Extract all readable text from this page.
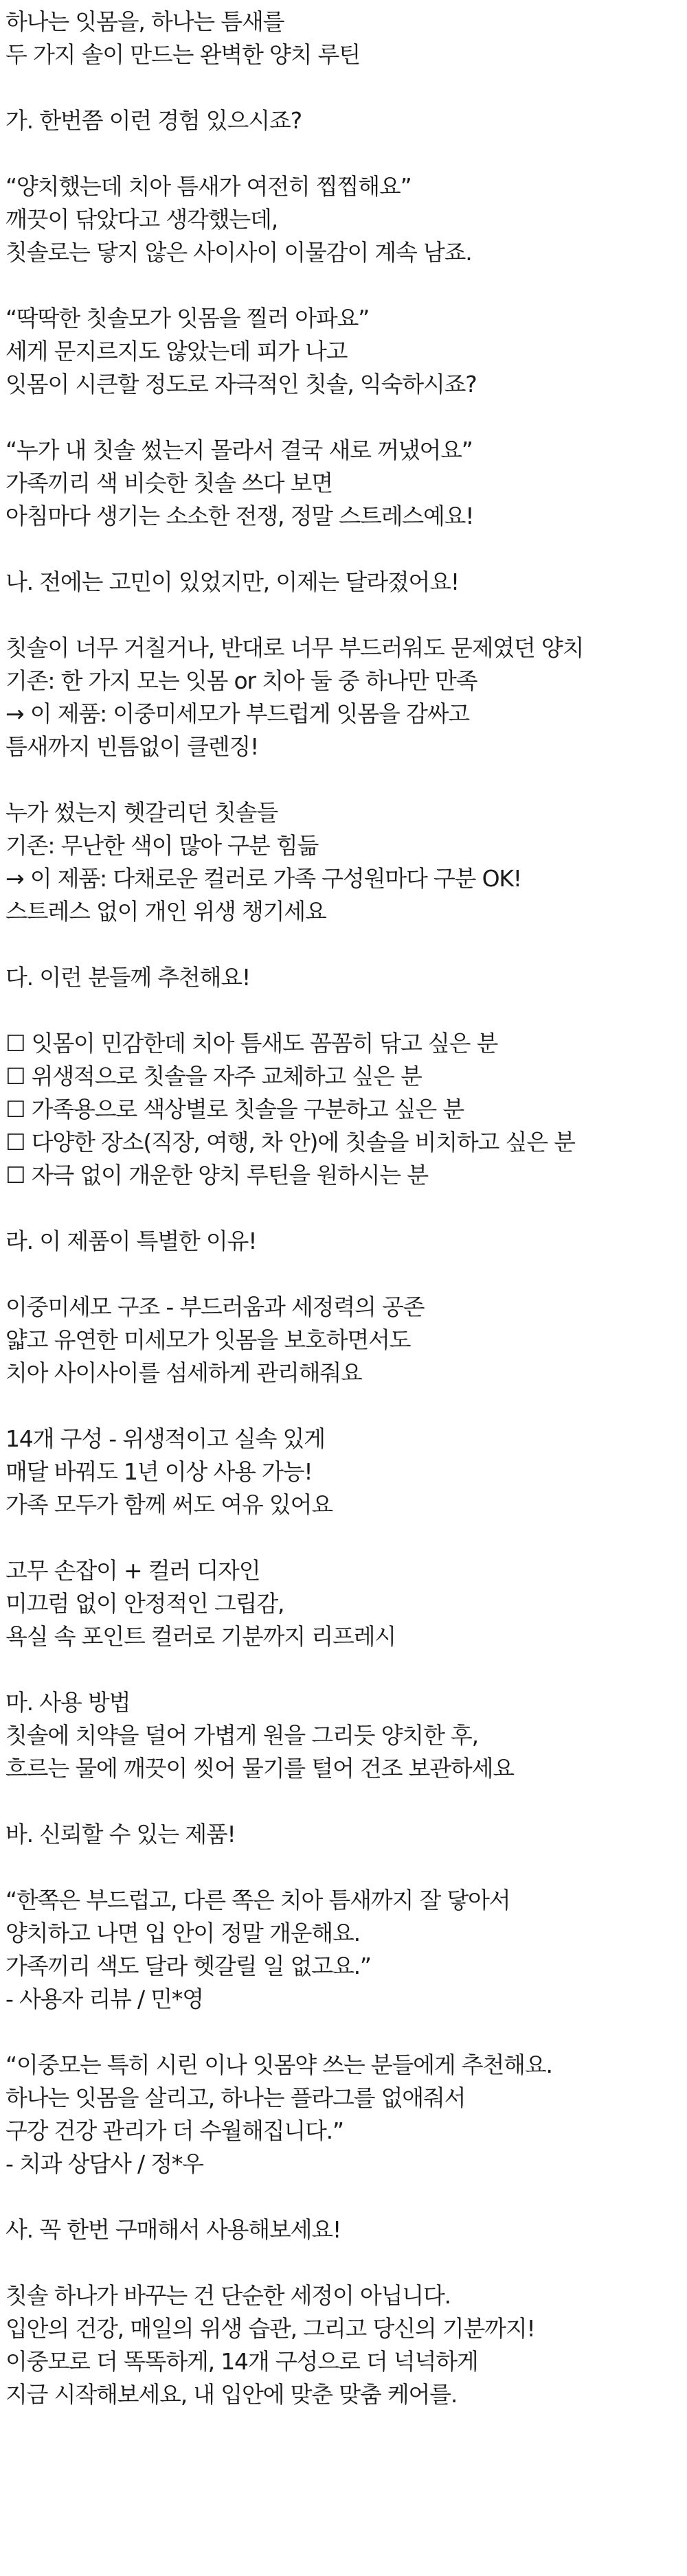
하나는 잇몸을, 하나는 틈새를
두 가지 솔이 만드는 완벽한 양치 루틴
가. 한번쯤 이런 경험 있으시죠?
“양치했는데 치아 틈새가 여전히 찝찝해요”
깨끗이 닦았다고 생각했는데,
칫솔로는 닿지 않은 사이사이 이물감이 계속 남죠.
“딱딱한 칫솔모가 잇몸을 찔러 아파요”
세게 문지르지도 않았는데 피가 나고
잇몸이 시큰할 정도로 자극적인 칫솔, 익숙하시죠?
“누가 내 칫솔 썼는지 몰라서 결국 새로 꺼냈어요”
가족끼리 색 비슷한 칫솔 쓰다 보면
아침마다 생기는 소소한 전쟁, 정말 스트레스예요!
나. 전에는 고민이 있었지만, 이제는 달라졌어요!
칫솔이 너무 거칠거나, 반대로 너무 부드러워도 문제였던 양치
기존: 한 가지 모는 잇몸 or 치아 둘 중 하나만 만족
→ 이 제품: 이중미세모가 부드럽게 잇몸을 감싸고
틈새까지 빈틈없이 클렌징!
누가 썼는지 헷갈리던 칫솔들
기존: 무난한 색이 많아 구분 힘듦
→ 이 제품: 다채로운 컬러로 가족 구성원마다 구분 OK!
스트레스 없이 개인 위생 챙기세요
다. 이런 분들께 추천해요!
☐ 잇몸이 민감한데 치아 틈새도 꼼꼼히 닦고 싶은 분
☐ 위생적으로 칫솔을 자주 교체하고 싶은 분
☐ 가족용으로 색상별로 칫솔을 구분하고 싶은 분
☐ 다양한 장소(직장, 여행, 차 안)에 칫솔을 비치하고 싶은 분
☐ 자극 없이 개운한 양치 루틴을 원하시는 분
라. 이 제품이 특별한 이유!
이중미세모 구조 - 부드러움과 세정력의 공존
얇고 유연한 미세모가 잇몸을 보호하면서도
치아 사이사이를 섬세하게 관리해줘요
14개 구성 - 위생적이고 실속 있게
매달 바꿔도 1년 이상 사용 가능!
가족 모두가 함께 써도 여유 있어요
고무 손잡이 + 컬러 디자인
미끄럼 없이 안정적인 그립감,
욕실 속 포인트 컬러로 기분까지 리프레시
마. 사용 방법
칫솔에 치약을 덜어 가볍게 원을 그리듯 양치한 후,
흐르는 물에 깨끗이 씻어 물기를 털어 건조 보관하세요
바. 신뢰할 수 있는 제품!
“한쪽은 부드럽고, 다른 쪽은 치아 틈새까지 잘 닿아서
양치하고 나면 입 안이 정말 개운해요.
가족끼리 색도 달라 헷갈릴 일 없고요.”
- 사용자 리뷰 / 민*영
“이중모는 특히 시린 이나 잇몸약 쓰는 분들에게 추천해요.
하나는 잇몸을 살리고, 하나는 플라그를 없애줘서
구강 건강 관리가 더 수월해집니다.”
- 치과 상담사 / 정*우
사. 꼭 한번 구매해서 사용해보세요!
칫솔 하나가 바꾸는 건 단순한 세정이 아닙니다.
입안의 건강, 매일의 위생 습관, 그리고 당신의 기분까지!
이중모로 더 똑똑하게, 14개 구성으로 더 넉넉하게
지금 시작해보세요, 내 입안에 맞춘 맞춤 케어를.
